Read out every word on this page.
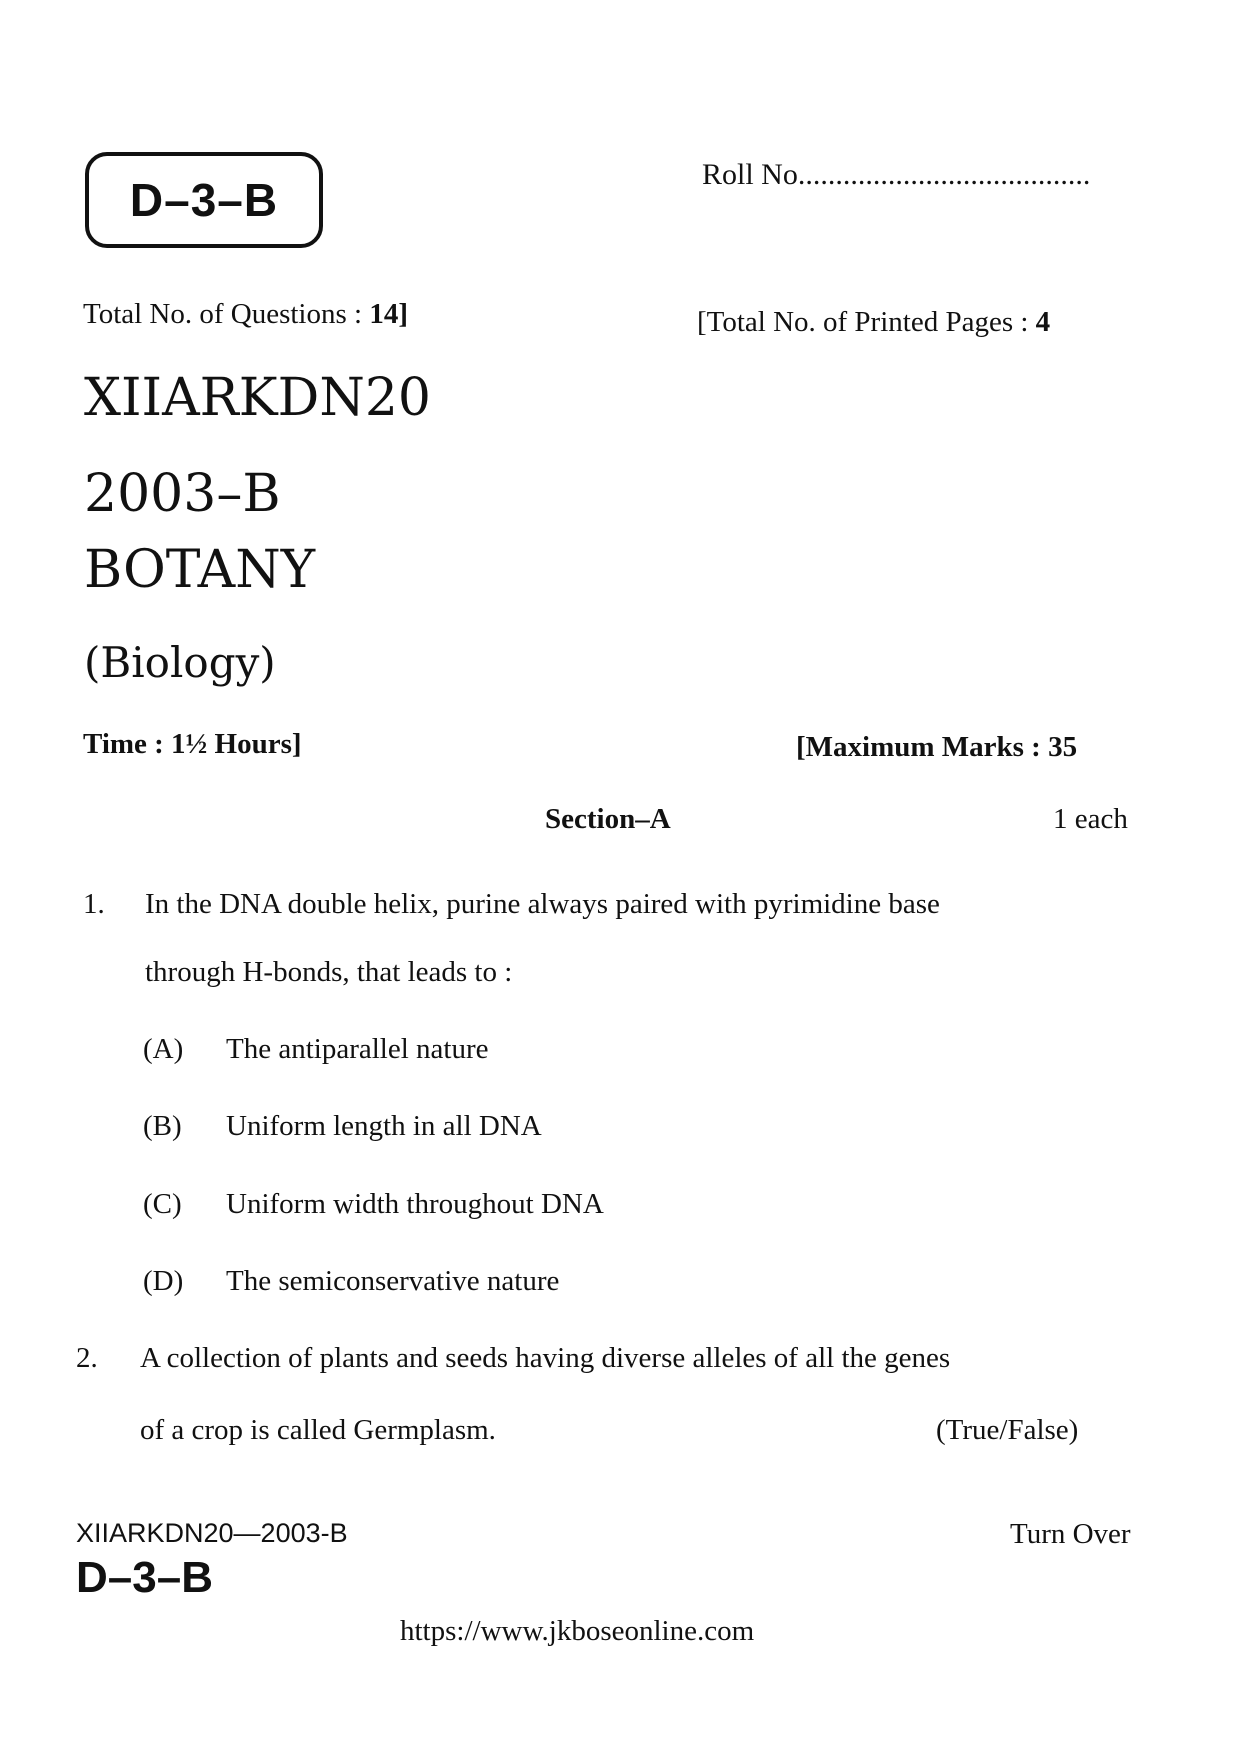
D–3–B	Roll No.......................................
Total No. of Questions : 14]	[Total No. of Printed Pages : 4
XIIARKDN20
2003–B
BOTANY
(Biology)
Time : 1½ Hours]	[Maximum Marks : 35
Section–A	1 each
1. In the DNA double helix, purine always paired with pyrimidine base
through H-bonds, that leads to :
(A) The antiparallel nature
(B) Uniform length in all DNA
(C) Uniform width throughout DNA
(D) The semiconservative nature
2. A collection of plants and seeds having diverse alleles of all the genes
of a crop is called Germplasm.	(True/False)
XIIARKDN20—2003-B
D–3–B
Turn Over
https://www.jkboseonline.com
